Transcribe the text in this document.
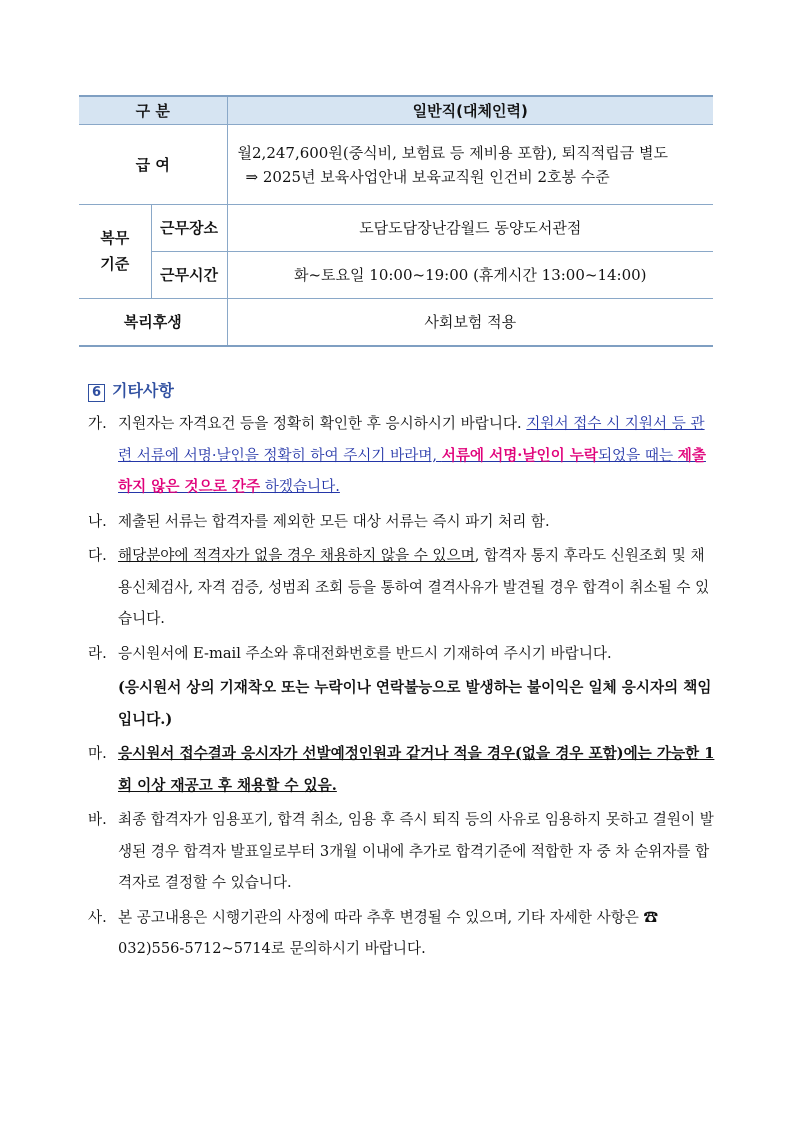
구 분		일반직(대체인력)
급 여		월2,247,600원(중식비, 보험료 등 제비용 포함), 퇴직적립금 별도
⇒ 2025년 보육사업안내 보육교직원 인건비 2호봉 수준

복무
기준	근무장소	도담도담장난감월드 동양도서관점
	근무시간	화~토요일 10:00~19:00 (휴게시간 13:00~14:00)
복리후생		사회보험 적용
6 기타사항
가. 지원자는 자격요건 등을 정확히 확인한 후 응시하시기 바랍니다. 지원서 접수 시 지원서 등 관련 서류에 서명·날인을 정확히 하여 주시기 바라며, 서류에 서명·날인이 누락되었을 때는 제출하지 않은 것으로 간주 하겠습니다.
나. 제출된 서류는 합격자를 제외한 모든 대상 서류는 즉시 파기 처리 함.
다. 해당분야에 적격자가 없을 경우 채용하지 않을 수 있으며, 합격자 통지 후라도 신원조회 및 채용신체검사, 자격 검증, 성범죄 조회 등을 통하여 결격사유가 발견될 경우 합격이 취소될 수 있습니다.
라. 응시원서에 E-mail 주소와 휴대전화번호를 반드시 기재하여 주시기 바랍니다.
(응시원서 상의 기재착오 또는 누락이나 연락불능으로 발생하는 불이익은 일체 응시자의 책임입니다.)
마. 응시원서 접수결과 응시자가 선발예정인원과 같거나 적을 경우(없을 경우 포함)에는 가능한 1회 이상 재공고 후 채용할 수 있음.
바. 최종 합격자가 임용포기, 합격 취소, 임용 후 즉시 퇴직 등의 사유로 임용하지 못하고 결원이 발생된 경우 합격자 발표일로부터 3개월 이내에 추가로 합격기준에 적합한 자 중 차 순위자를 합격자로 결정할 수 있습니다.
사. 본 공고내용은 시행기관의 사정에 따라 추후 변경될 수 있으며, 기타 자세한 사항은 ☎ 032)556-5712~5714로 문의하시기 바랍니다.
